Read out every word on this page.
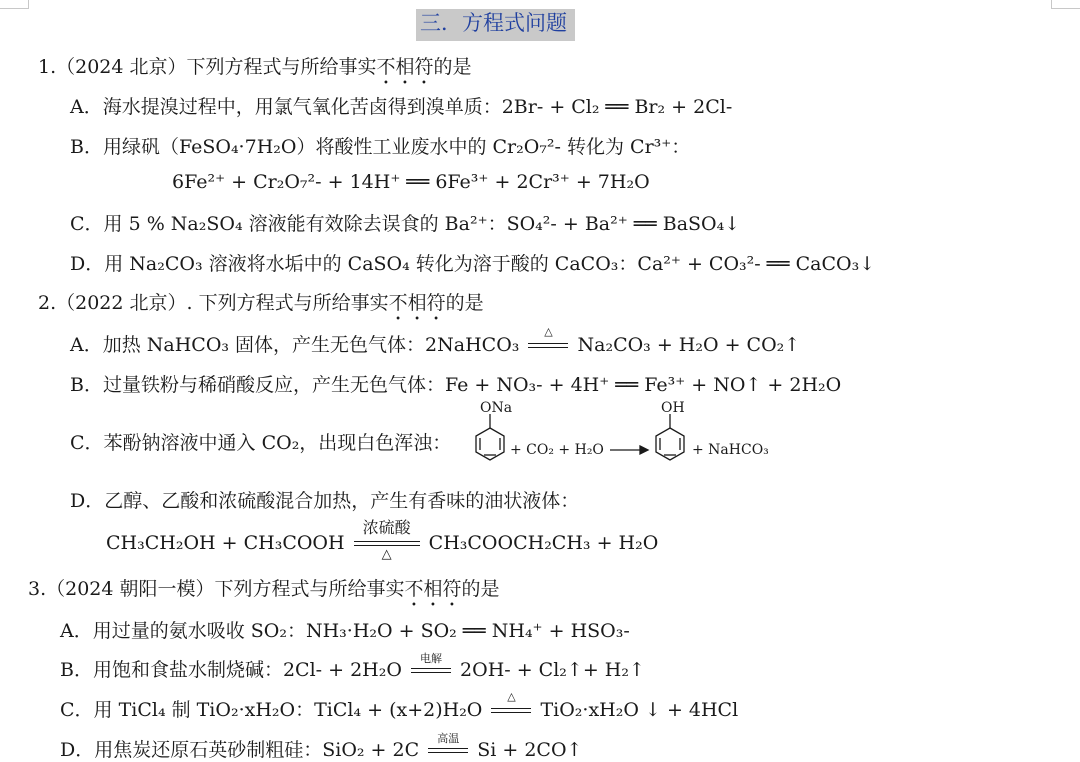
三．方程式问题
1.（2024 北京）下列方程式与所给事实不相符的是
A．海水提溴过程中，用氯气氧化苦卤得到溴单质：2Br- + Cl₂ ══ Br₂ + 2Cl-
B．用绿矾（FeSO₄·7H₂O）将酸性工业废水中的 Cr₂O₇²- 转化为 Cr³⁺：
6Fe²⁺ + Cr₂O₇²- + 14H⁺ ══ 6Fe³⁺ + 2Cr³⁺ + 7H₂O
C．用 5 % Na₂SO₄ 溶液能有效除去误食的 Ba²⁺：SO₄²- + Ba²⁺ ══ BaSO₄↓
D．用 Na₂CO₃ 溶液将水垢中的 CaSO₄ 转化为溶于酸的 CaCO₃：Ca²⁺ + CO₃²- ══ CaCO₃↓
2.（2022 北京）. 下列方程式与所给事实不相符的是
A．加热 NaHCO₃ 固体，产生无色气体：2NaHCO₃
△
Na₂CO₃ + H₂O + CO₂↑
B．过量铁粉与稀硝酸反应，产生无色气体：Fe + NO₃- + 4H⁺ ══ Fe³⁺ + NO↑ + 2H₂O
C．苯酚钠溶液中通入 CO₂，出现白色浑浊：
ONa
+ CO₂ + H₂O
OH
+ NaHCO₃
D．乙醇、乙酸和浓硫酸混合加热，产生有香味的油状液体：
CH₃CH₂OH + CH₃COOH
浓硫酸
△
CH₃COOCH₂CH₃ + H₂O
3.（2024 朝阳一模）下列方程式与所给事实不相符的是
A．用过量的氨水吸收 SO₂：NH₃·H₂O + SO₂ ══ NH₄⁺ + HSO₃-
B．用饱和食盐水制烧碱：2Cl- + 2H₂O
电解
2OH- + Cl₂↑+ H₂↑
C．用 TiCl₄ 制 TiO₂·xH₂O：TiCl₄ + (x+2)H₂O
△
TiO₂·xH₂O ↓ + 4HCl
D．用焦炭还原石英砂制粗硅：SiO₂ + 2C
高温
Si + 2CO↑
